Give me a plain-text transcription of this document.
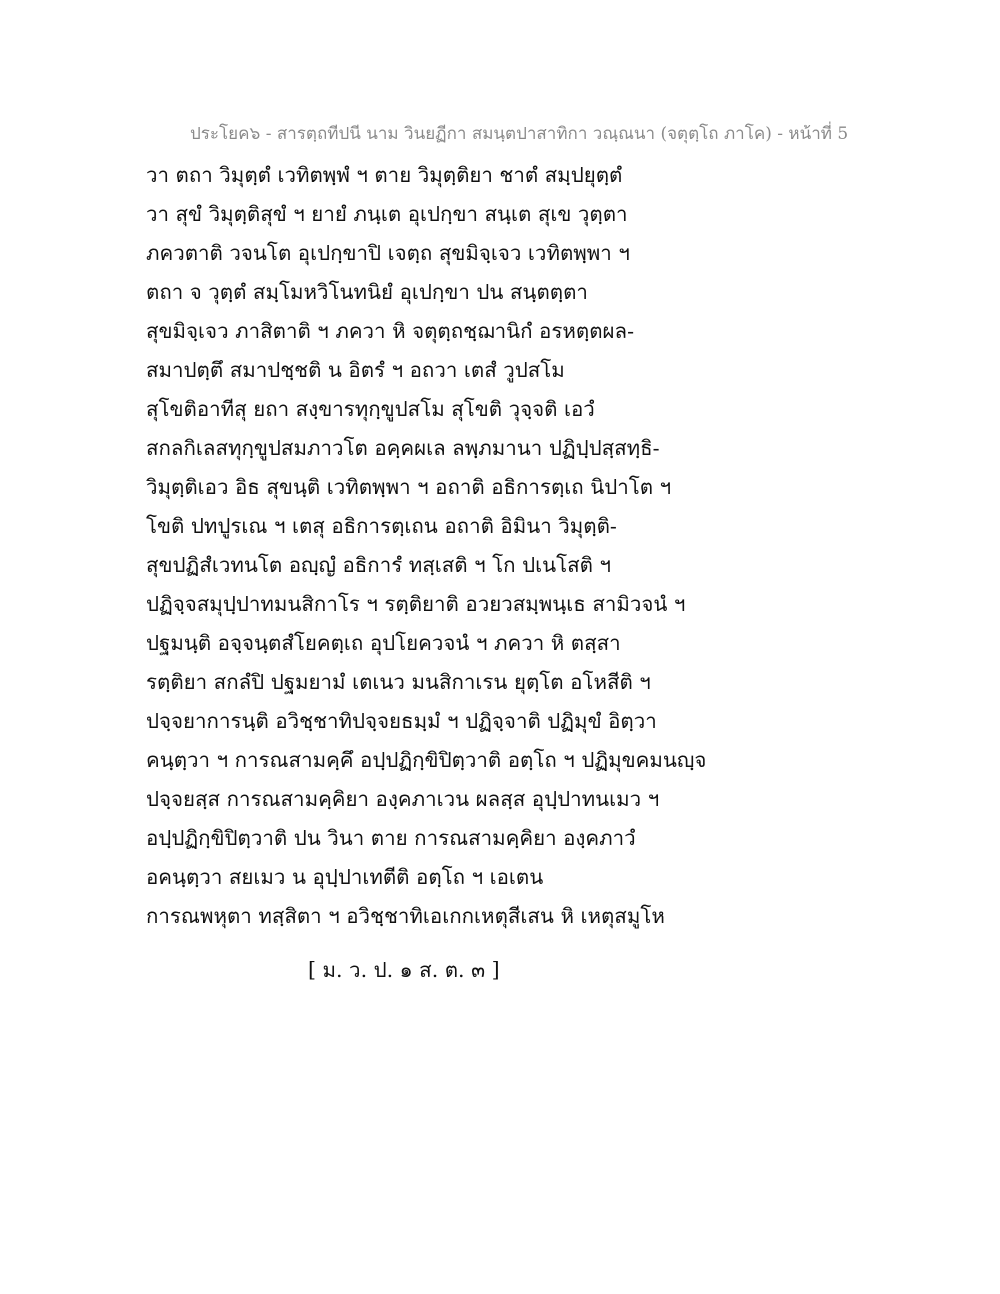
ประโยค๖ - สารตฺถทีปนี นาม วินยฏีกา สมนฺตปาสาทิกา วณฺณนา (จตุตฺโถ ภาโค) - หน้าที่ 5
วา ตถา วิมุตฺตํ เวทิตพฺพํ ฯ ตาย วิมุตฺติยา ชาตํ สมฺปยุตฺตํ
วา สุขํ วิมุตฺติสุขํ ฯ ยายํ ภนฺเต อุเปกฺขา สนฺเต สุเข วุตฺตา
ภควตาติ วจนโต อุเปกฺขาปิ เจตฺถ สุขมิจฺเจว เวทิตพฺพา ฯ
ตถา จ วุตฺตํ สมฺโมหวิโนทนิยํ อุเปกฺขา ปน สนฺตตฺตา
สุขมิจฺเจว ภาสิตาติ ฯ ภควา หิ จตุตฺถชฺฌานิกํ อรหตฺตผล-
สมาปตฺตึ สมาปชฺชติ น อิตรํ ฯ อถวา เตสํ วูปสโม
สุโขติอาทีสุ ยถา สงฺขารทุกฺขูปสโม สุโขติ วุจฺจติ เอวํ
สกลกิเลสทุกฺขูปสมภาวโต อคฺคผเล ลพฺภมานา ปฏิปฺปสฺสทฺธิ-
วิมุตฺติเอว อิธ สุขนฺติ เวทิตพฺพา ฯ อถาติ อธิการตฺเถ นิปาโต ฯ
โขติ ปทปูรเณ ฯ เตสุ อธิการตฺเถน อถาติ อิมินา วิมุตฺติ-
สุขปฏิสํเวทนโต อญฺญํ อธิการํ ทสฺเสติ ฯ โก ปเนโสติ ฯ
ปฏิจฺจสมุปฺปาทมนสิกาโร ฯ รตฺติยาติ อวยวสมฺพนฺเธ สามิวจนํ ฯ
ปฐมนฺติ อจฺจนฺตสํโยคตฺเถ อุปโยควจนํ ฯ ภควา หิ ตสฺสา
รตฺติยา สกลํปิ ปฐมยามํ เตเนว มนสิกาเรน ยุตฺโต อโหสีติ ฯ
ปจฺจยาการนฺติ อวิชฺชาทิปจฺจยธมฺมํ ฯ ปฏิจฺจาติ ปฏิมุขํ อิตฺวา
คนฺตฺวา ฯ การณสามคฺคึ อปฺปฏิกฺขิปิตฺวาติ อตฺโถ ฯ ปฏิมุขคมนญฺจ
ปจฺจยสฺส การณสามคฺคิยา องฺคภาเวน ผลสฺส อุปฺปาทนเมว ฯ
อปฺปฏิกฺขิปิตฺวาติ ปน วินา ตาย การณสามคฺคิยา องฺคภาวํ
อคนฺตฺวา สยเมว น อุปฺปาเทตีติ อตฺโถ ฯ เอเตน
การณพหุตา ทสฺสิตา ฯ อวิชฺชาทิเอเกกเหตุสีเสน หิ เหตุสมูโห
[ ม. ว. ป. ๑ ส. ต. ๓ ]
